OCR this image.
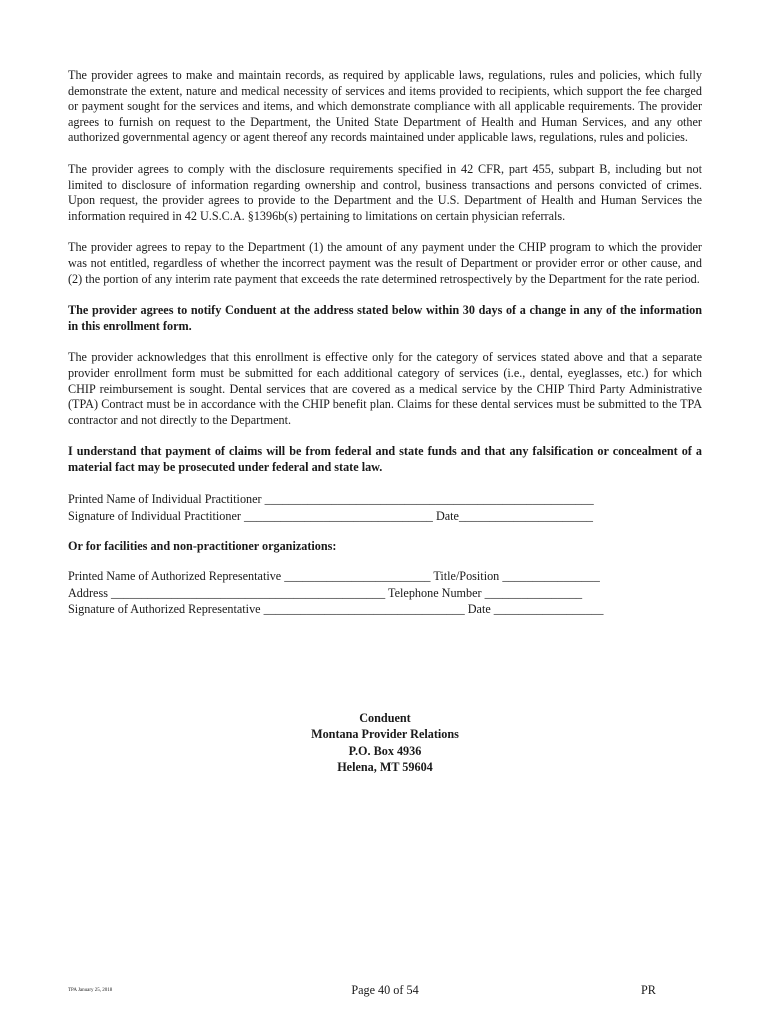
The provider agrees to make and maintain records, as required by applicable laws, regulations, rules and policies, which fully demonstrate the extent, nature and medical necessity of services and items provided to recipients, which support the fee charged or payment sought for the services and items, and which demonstrate compliance with all applicable requirements. The provider agrees to furnish on request to the Department, the United State Department of Health and Human Services, and any other authorized governmental agency or agent thereof any records maintained under applicable laws, regulations, rules and policies.

The provider agrees to comply with the disclosure requirements specified in 42 CFR, part 455, subpart B, including but not limited to disclosure of information regarding ownership and control, business transactions and persons convicted of crimes. Upon request, the provider agrees to provide to the Department and the U.S. Department of Health and Human Services the information required in 42 U.S.C.A. §1396b(s) pertaining to limitations on certain physician referrals.

The provider agrees to repay to the Department (1) the amount of any payment under the CHIP program to which the provider was not entitled, regardless of whether the incorrect payment was the result of Department or provider error or other cause, and (2) the portion of any interim rate payment that exceeds the rate determined retrospectively by the Department for the rate period.

The provider agrees to notify Conduent at the address stated below within 30 days of a change in any of the information in this enrollment form.

The provider acknowledges that this enrollment is effective only for the category of services stated above and that a separate provider enrollment form must be submitted for each additional category of services (i.e., dental, eyeglasses, etc.) for which CHIP reimbursement is sought. Dental services that are covered as a medical service by the CHIP Third Party Administrative (TPA) Contract must be in accordance with the CHIP benefit plan. Claims for these dental services must be submitted to the TPA contractor and not directly to the Department.

I understand that payment of claims will be from federal and state funds and that any falsification or concealment of a material fact may be prosecuted under federal and state law.

Printed Name of Individual Practitioner ______________________________________________________
Signature of Individual Practitioner _______________________________ Date______________________
Or for facilities and non-practitioner organizations:
Printed Name of Authorized Representative ________________________ Title/Position ________________
Address _____________________________________________ Telephone Number ________________
Signature of Authorized Representative _________________________________ Date __________________
Conduent
Montana Provider Relations
P.O. Box 4936
Helena, MT 59604
TPA January 25, 2018	Page 40 of 54	PR
